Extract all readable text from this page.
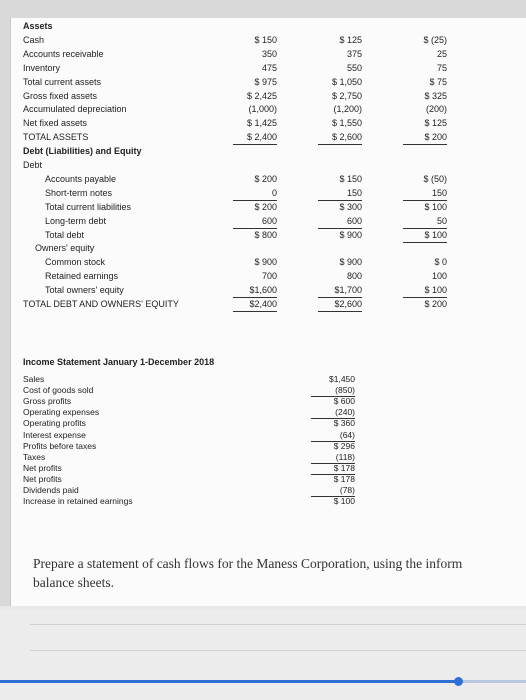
Assets
Cash	$ 150	$ 125	$ (25)
Accounts receivable	350	375	25
Inventory	475	550	75
Total current assets	$ 975	$ 1,050	$ 75
Gross fixed assets	$ 2,425	$ 2,750	$ 325
Accumulated depreciation	(1,000)	(1,200)	(200)
Net fixed assets	$ 1,425	$ 1,550	$ 125
TOTAL ASSETS	$ 2,400	$ 2,600	$ 200
Debt (Liabilities) and Equity
Debt
Accounts payable	$ 200	$ 150	$ (50)
Short-term notes	0	150	150
Total current liabilities	$ 200	$ 300	$ 100
Long-term debt	600	600	50
Total debt	$ 800	$ 900	$ 100
Owners' equity
Common stock	$ 900	$ 900	$ 0
Retained earnings	700	800	100
Total owners' equity	$1,600	$1,700	$ 100
TOTAL DEBT AND OWNERS' EQUITY	$2,400	$2,600	$ 200
Income Statement January 1-December 2018
Sales	$1,450
Cost of goods sold	(850)
Gross profits	$ 600
Operating expenses	(240)
Operating profits	$ 360
Interest expense	(64)
Profits before taxes	$ 296
Taxes	(118)
Net profits	$ 178
Net profits	$ 178
Dividends paid	(78)
Increase in retained earnings	$ 100
Prepare a statement of cash flows for the Maness Corporation, using the inform
balance sheets.
